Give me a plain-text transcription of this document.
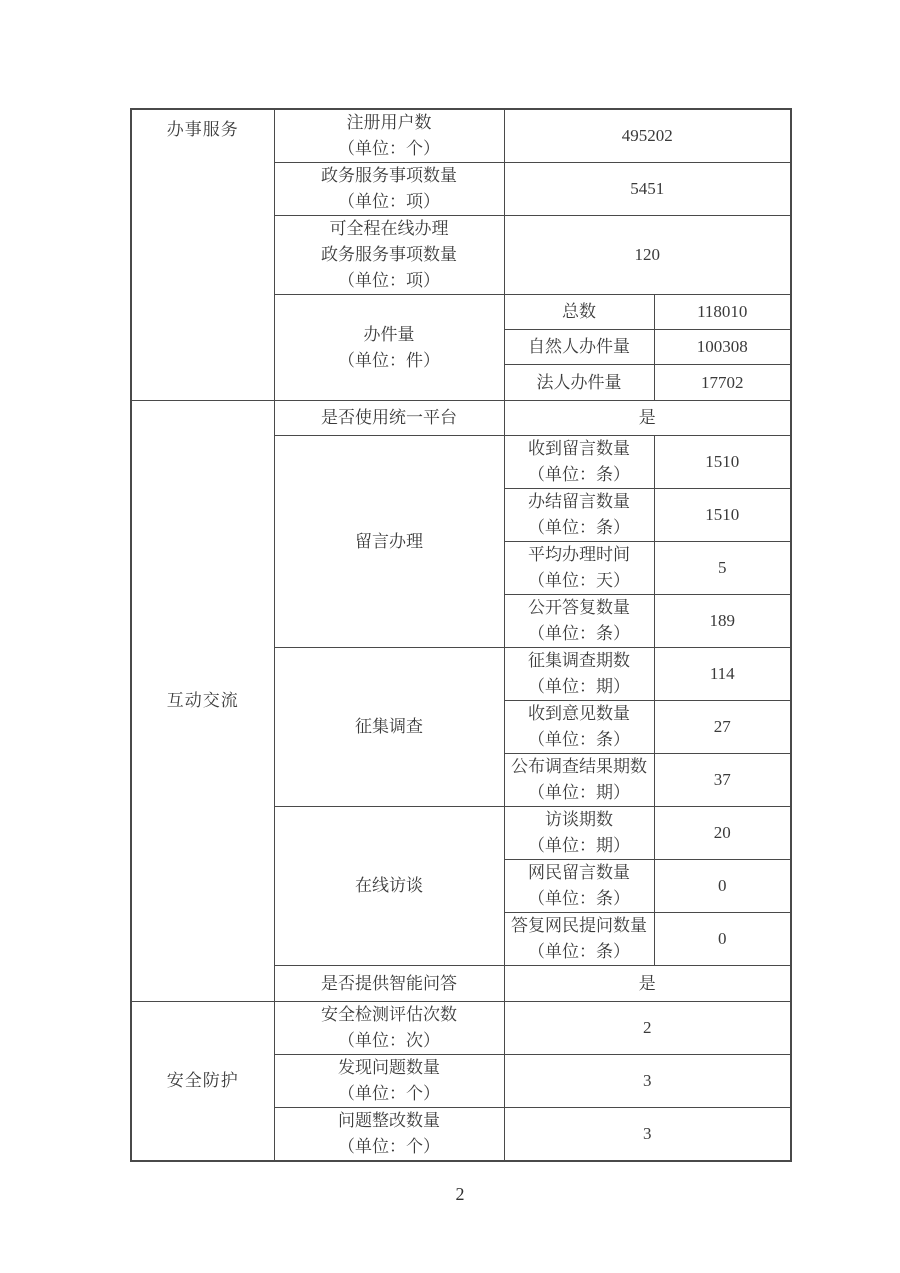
办事服务	注册用户数
（单位：个）	495202	

	政务服务事项数量
（单位：项）	5451	

	可全程在线办理
政务服务事项数量
（单位：项）	120	

	办件量
（单位：件）	总数	118010
		自然人办件量	100308
		法人办件量	17702

互动交流	是否使用统一平台	是	
	留言办理	收到留言数量
（单位：条）	1510

		办结留言数量
（单位：条）	1510

		平均办理时间
（单位：天）	5

		公开答复数量
（单位：条）	189
	征集调查	征集调查期数
（单位：期）	114

		收到意见数量
（单位：条）	27

		公布调查结果期数
（单位：期）	37
	在线访谈	访谈期数
（单位：期）	20

		网民留言数量
（单位：条）	0

		答复网民提问数量
（单位：条）	0
	是否提供智能问答	是	

安全防护	安全检测评估次数
（单位：次）	2	

	发现问题数量
（单位：个）	3	

	问题整改数量
（单位：个）	3	
2
